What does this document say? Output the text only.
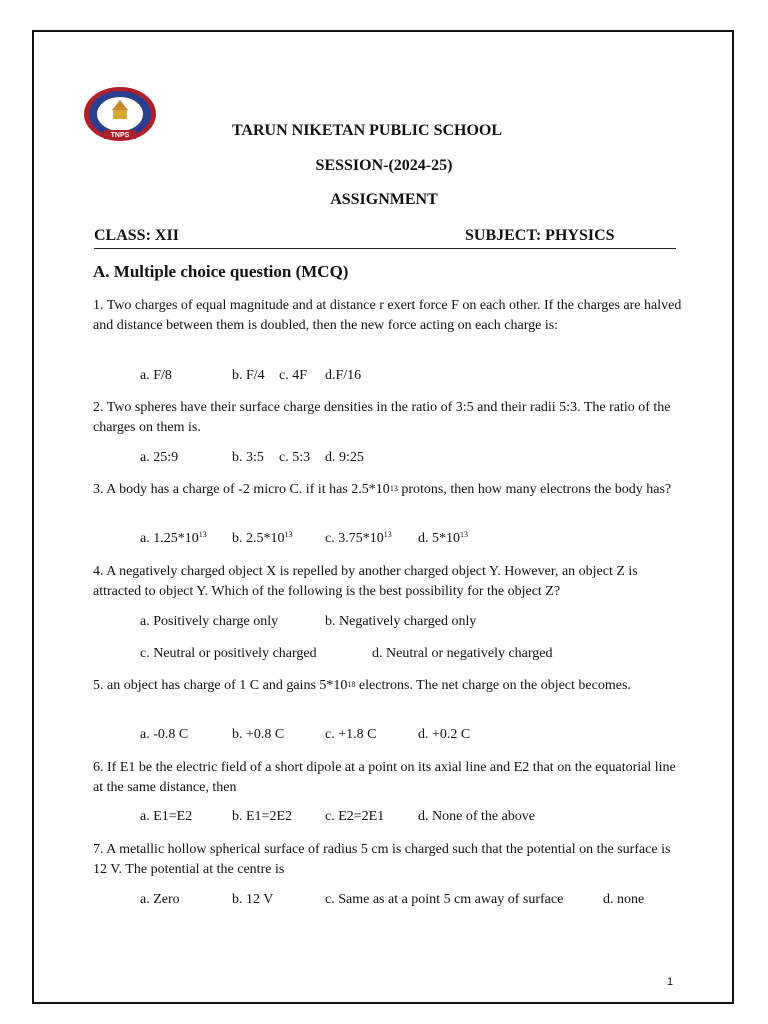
TNPS	TARUN NIKETAN PUBLIC SCHOOL
SESSION-(2024-25)
ASSIGNMENT
CLASS: XII	SUBJECT: PHYSICS
A. Multiple choice question (MCQ)
1. Two charges of equal magnitude and at distance r exert force F on each other. If the charges are halved and distance between them is doubled, then the new force acting on each charge is:
a. F/8	b. F/4 c. 4F d.F/16
2. Two spheres have their surface charge densities in the ratio of 3:5 and their radii 5:3. The ratio of the charges on them is.
a. 25:9	b. 3:5 c. 5:3 d. 9:25
3. A body has a charge of -2 micro C. if it has $2.5*10^{13}$ protons, then how many electrons the body has?
a. $1.25*10^{13}$ b. $2.5*10^{13}$ c. $3.75*10^{13}$ d. $5*10^{13}$
4. A negatively charged object X is repelled by another charged object Y. However, an object Z is attracted to object Y. Which of the following is the best possibility for the object Z?
a. Positively charge only	b. Negatively charged only
c. Neutral or positively charged	d. Neutral or negatively charged
5. an object has charge of 1 C and gains $5*10^{18}$ electrons. The net charge on the object becomes.
a. -0.8 C	b. +0.8 C	c. +1.8 C	d. +0.2 C
6. If E1 be the electric field of a short dipole at a point on its axial line and E2 that on the equatorial line at the same distance, then
a. E1=E2	b. E1=2E2 c. E2=2E1 d. None of the above
7. A metallic hollow spherical surface of radius 5 cm is charged such that the potential on the surface is 12 V. The potential at the centre is
a. Zero	b. 12 V	c. Same as at a point 5 cm away of surface	d. none
1
